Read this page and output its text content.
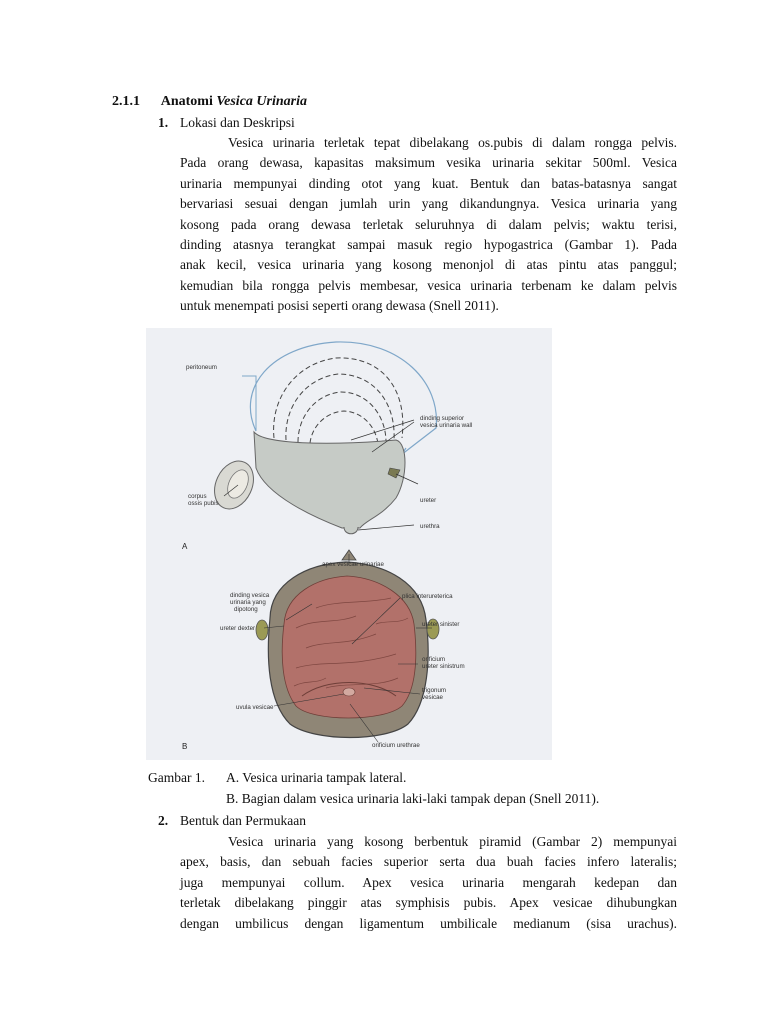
2.1.1 Anatomi Vesica Urinaria
1. Lokasi dan Deskripsi
Vesica urinaria terletak tepat dibelakang os.pubis di dalam rongga pelvis.
Pada orang dewasa, kapasitas maksimum vesika urinaria sekitar 500ml. Vesica
urinaria mempunyai dinding otot yang kuat. Bentuk dan batas-batasnya sangat
bervariasi sesuai dengan jumlah urin yang dikandungnya. Vesica urinaria yang
kosong pada orang dewasa terletak seluruhnya di dalam pelvis; waktu terisi,
dinding atasnya terangkat sampai masuk regio hypogastrica (Gambar 1). Pada
anak kecil, vesica urinaria yang kosong menonjol di atas pintu atas panggul;
kemudian bila rongga pelvis membesar, vesica urinaria terbenam ke dalam pelvis
untuk menempati posisi seperti orang dewasa (Snell 2011).
peritoneum
dinding superior
vesica urinaria wall
corpus
ossis pubis	ureter
urethra
A
apex vesicae urinariae
dinding vesica
urinaria yang
dipotong
plica interureterica
ureter dexter
ureter sinister
orificium
ureter sinistrum
trigonum
vesicae
uvula vesicae
orificium urethrae
B
Gambar 1. A. Vesica urinaria tampak lateral.
B. Bagian dalam vesica urinaria laki-laki tampak depan (Snell 2011).
2. Bentuk dan Permukaan
Vesica urinaria yang kosong berbentuk piramid (Gambar 2) mempunyai
apex, basis, dan sebuah facies superior serta dua buah facies infero lateralis;
juga mempunyai collum. Apex vesica urinaria mengarah kedepan dan
terletak dibelakang pinggir atas symphisis pubis. Apex vesicae dihubungkan
dengan umbilicus dengan ligamentum umbilicale medianum (sisa urachus).
